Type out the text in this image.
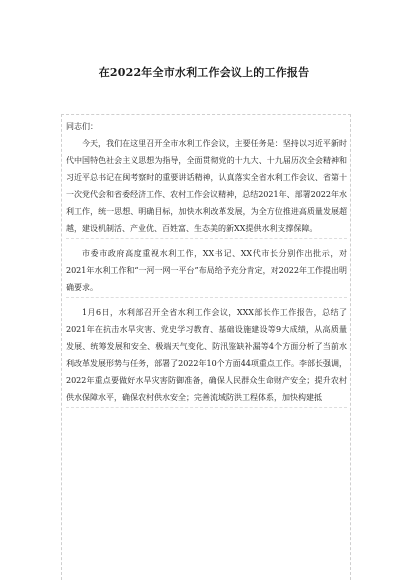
在2022年全市水利工作会议上的工作报告

同志们：

今天，我们在这里召开全市水利工作会议，主要任务是：坚持以习近平新时代中国特色社会主义思想为指导，全面贯彻党的十九大、十九届历次全会精神和习近平总书记在闽考察时的重要讲话精神，认真落实全省水利工作会议、省第十一次党代会和省委经济工作、农村工作会议精神，总结2021年、部署2022年水利工作，统一思想、明确目标，加快水利改革发展，为全方位推进高质量发展超越，建设机制活、产业优、百姓富、生态美的新XX提供水利支撑保障。

市委市政府高度重视水利工作，XX书记、XX代市长分别作出批示，对2021年水利工作和“一河一网一平台”布局给予充分肯定，对2022年工作提出明确要求。

1月6日，水利部召开全省水利工作会议，XXX部长作工作报告，总结了2021年在抗击水旱灾害、党史学习教育、基础设施建设等9大成绩，从高质量发展、统筹发展和安全、极端天气变化、防汛鉴缺补漏等4个方面分析了当前水利改革发展形势与任务，部署了2022年10个方面44项重点工作。李部长强调，2022年重点要做好水旱灾害防御准备，确保人民群众生命财产安全；提升农村供水保障水平，确保农村供水安全；完善流域防洪工程体系，加快构建抵
